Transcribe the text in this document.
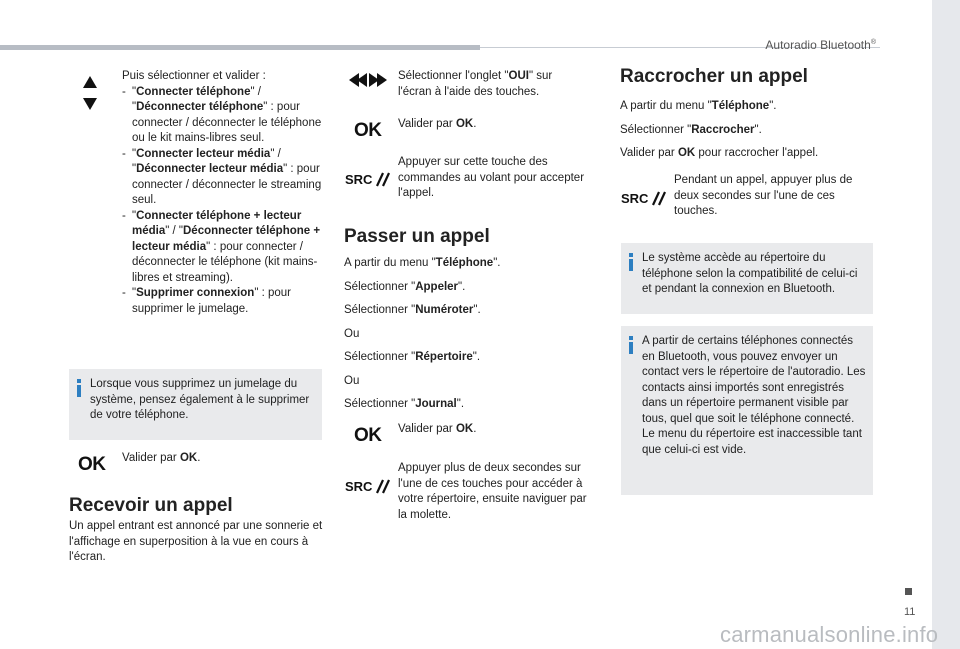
Autoradio Bluetooth®
11
carmanualsonline.info

Puis sélectionner et valider :

- "Connecter téléphone" / "Déconnecter téléphone" : pour connecter / déconnecter le téléphone ou le kit mains-libres seul.
- "Connecter lecteur média" / "Déconnecter lecteur média" : pour connecter / déconnecter le streaming seul.
- "Connecter téléphone + lecteur média" / "Déconnecter téléphone + lecteur média" : pour connecter / déconnecter le téléphone (kit mains-libres et streaming).
- "Supprimer connexion" : pour supprimer le jumelage.
Lorsque vous supprimez un jumelage du système, pensez également à le supprimer de votre téléphone.
OK Valider par OK.

Recevoir un appel
Un appel entrant est annoncé par une sonnerie et l'affichage en superposition à la vue en cours à l'écran.

Sélectionner l'onglet "OUI" sur l'écran à l'aide des touches.

OK Valider par OK.

SRC
Appuyer sur cette touche des commandes au volant pour accepter l'appel.
Passer un appel

A partir du menu "Téléphone".

Sélectionner "Appeler".

Sélectionner "Numéroter".

Ou

Sélectionner "Répertoire".

Ou

Sélectionner "Journal".

OK Valider par OK.

SRC
Appuyer plus de deux secondes sur l'une de ces touches pour accéder à votre répertoire, ensuite naviguer par la molette.
Raccrocher un appel

A partir du menu "Téléphone".

Sélectionner "Raccrocher".

Valider par OK pour raccrocher l'appel.

SRC
Pendant un appel, appuyer plus de deux secondes sur l'une de ces touches.
Le système accède au répertoire du téléphone selon la compatibilité de celui-ci et pendant la connexion en Bluetooth.

A partir de certains téléphones connectés en Bluetooth, vous pouvez envoyer un contact vers le répertoire de l'autoradio. Les contacts ainsi importés sont enregistrés dans un répertoire permanent visible par tous, quel que soit le téléphone connecté.

Le menu du répertoire est inaccessible tant que celui-ci est vide.
